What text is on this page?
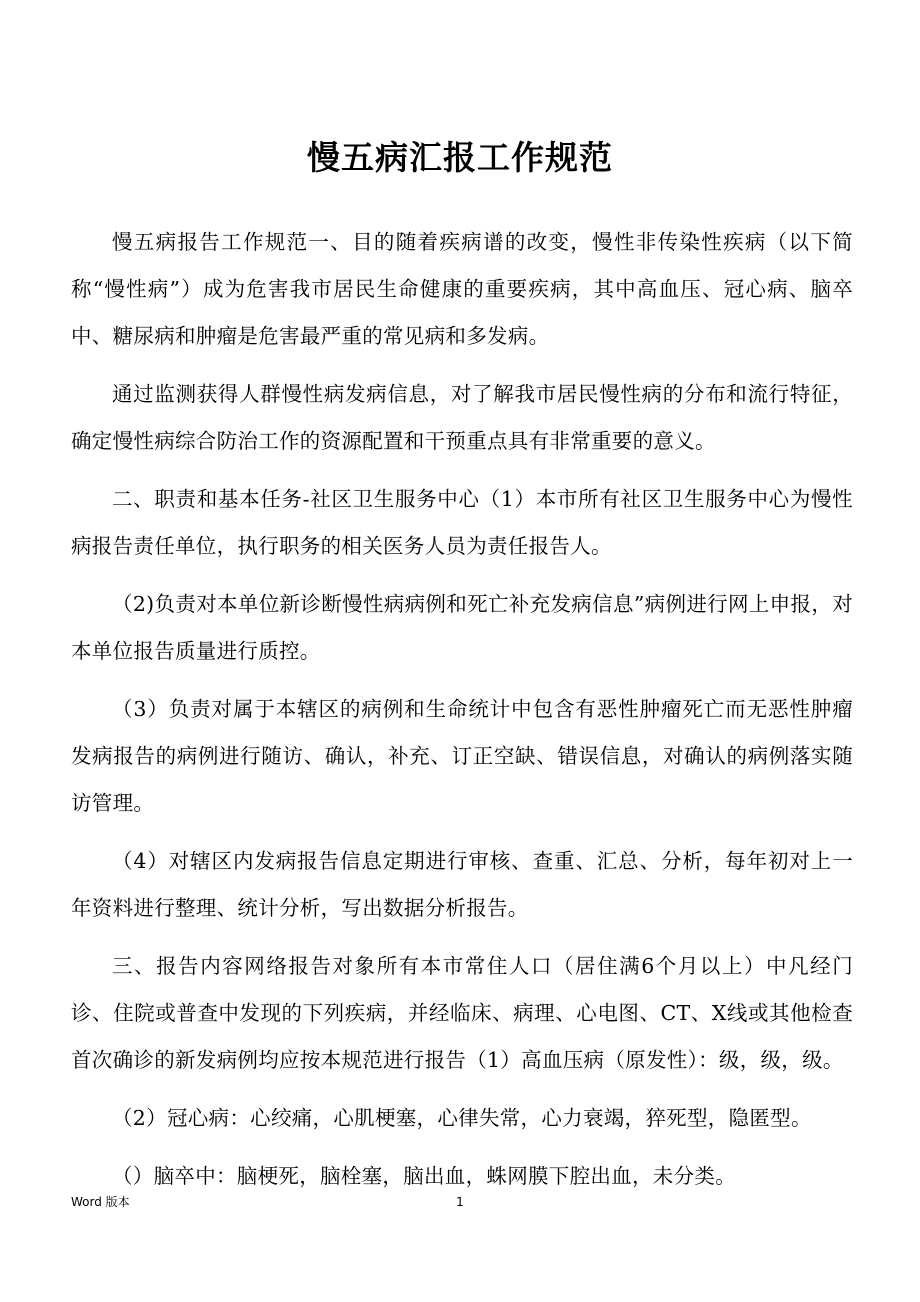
慢五病汇报工作规范

慢五病报告工作规范一、目的随着疾病谱的改变，慢性非传染性疾病（以下简称“慢性病”）成为危害我市居民生命健康的重要疾病，其中高血压、冠心病、脑卒中、糖尿病和肿瘤是危害最严重的常见病和多发病。

通过监测获得人群慢性病发病信息，对了解我市居民慢性病的分布和流行特征，确定慢性病综合防治工作的资源配置和干预重点具有非常重要的意义。

二、职责和基本任务-社区卫生服务中心（1）本市所有社区卫生服务中心为慢性病报告责任单位，执行职务的相关医务人员为责任报告人。

（2)负责对本单位新诊断慢性病病例和死亡补充发病信息”病例进行网上申报，对本单位报告质量进行质控。

（3）负责对属于本辖区的病例和生命统计中包含有恶性肿瘤死亡而无恶性肿瘤发病报告的病例进行随访、确认，补充、订正空缺、错误信息，对确认的病例落实随访管理。

（4）对辖区内发病报告信息定期进行审核、查重、汇总、分析，每年初对上一年资料进行整理、统计分析，写出数据分析报告。

三、报告内容网络报告对象所有本市常住人口（居住满6个月以上）中凡经门诊、住院或普查中发现的下列疾病，并经临床、病理、心电图、CT、X线或其他检查首次确诊的新发病例均应按本规范进行报告（1）高血压病（原发性）：级，级，级。

（2）冠心病：心绞痛，心肌梗塞，心律失常，心力衰竭，猝死型，隐匿型。

（）脑卒中：脑梗死，脑栓塞，脑出血，蛛网膜下腔出血，未分类。

Word 版本	1
